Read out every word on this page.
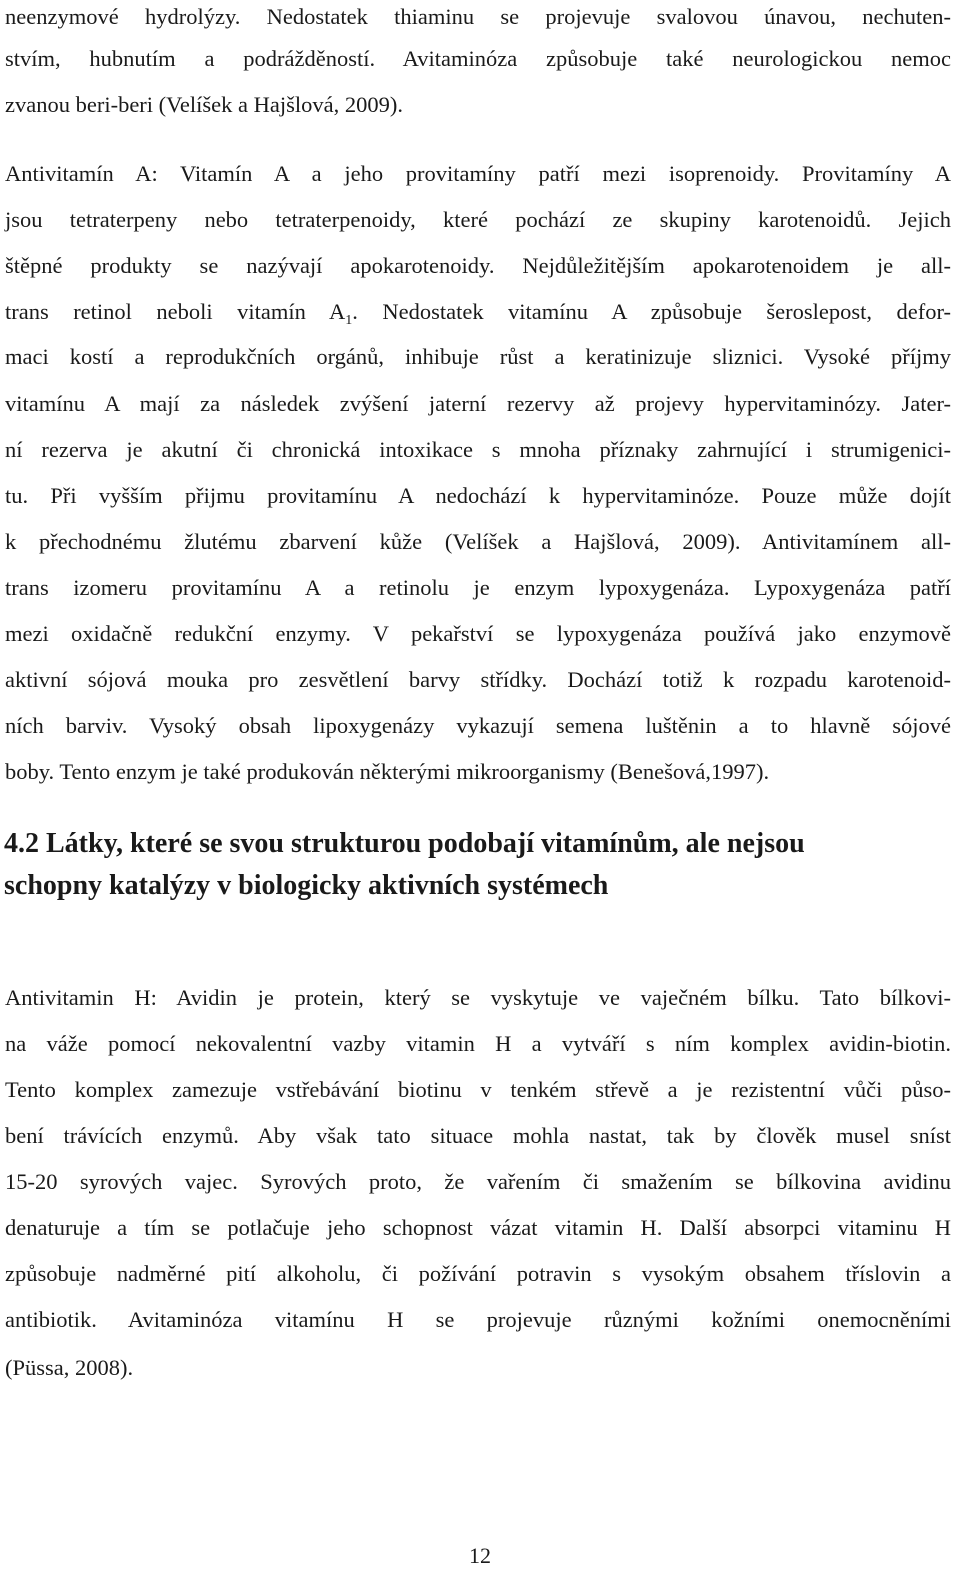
neenzymové hydrolýzy. Nedostatek thiaminu se projevuje svalovou únavou, nechuten-
stvím, hubnutím a podrážděností. Avitaminóza způsobuje také neurologickou nemoc
zvanou beri-beri (Velíšek a Hajšlová, 2009).
Antivitamín A: Vitamín A a jeho provitamíny patří mezi isoprenoidy. Provitamíny A
jsou tetraterpeny nebo tetraterpenoidy, které pochází ze skupiny karotenoidů. Jejich
štěpné produkty se nazývají apokarotenoidy. Nejdůležitějším apokarotenoidem je all-
trans retinol neboli vitamín $A_1$. Nedostatek vitamínu A způsobuje šeroslepost, defor-
maci kostí a reprodukčních orgánů, inhibuje růst a keratinizuje sliznici. Vysoké příjmy
vitamínu A mají za následek zvýšení jaterní rezervy až projevy hypervitaminózy. Jater-
ní rezerva je akutní či chronická intoxikace s mnoha příznaky zahrnující i strumigenici-
tu. Při vyšším přijmu provitamínu A nedochází k hypervitaminóze. Pouze může dojít
k přechodnému žlutému zbarvení kůže (Velíšek a Hajšlová, 2009). Antivitamínem all-
trans izomeru provitamínu A a retinolu je enzym lypoxygenáza. Lypoxygenáza patří
mezi oxidačně redukční enzymy. V pekařství se lypoxygenáza používá jako enzymově
aktivní sójová mouka pro zesvětlení barvy střídky. Dochází totiž k rozpadu karotenoid-
ních barviv. Vysoký obsah lipoxygenázy vykazují semena luštěnin a to hlavně sójové
boby. Tento enzym je také produkován některými mikroorganismy (Benešová,1997).
4.2 Látky, které se svou strukturou podobají vitamínům, ale nejsou
schopny katalýzy v biologicky aktivních systémech
Antivitamin H: Avidin je protein, který se vyskytuje ve vaječném bílku. Tato bílkovi-
na váže pomocí nekovalentní vazby vitamin H a vytváří s ním komplex avidin-biotin.
Tento komplex zamezuje vstřebávání biotinu v tenkém střevě a je rezistentní vůči půso-
bení trávících enzymů. Aby však tato situace mohla nastat, tak by člověk musel sníst
15-20 syrových vajec. Syrových proto, že vařením či smažením se bílkovina avidinu
denaturuje a tím se potlačuje jeho schopnost vázat vitamin H. Další absorpci vitaminu H
způsobuje nadměrné pití alkoholu, či požívání potravin s vysokým obsahem tříslovin a
antibiotik. Avitaminóza vitamínu H se projevuje různými kožními onemocněními
(Püssa, 2008).
12
